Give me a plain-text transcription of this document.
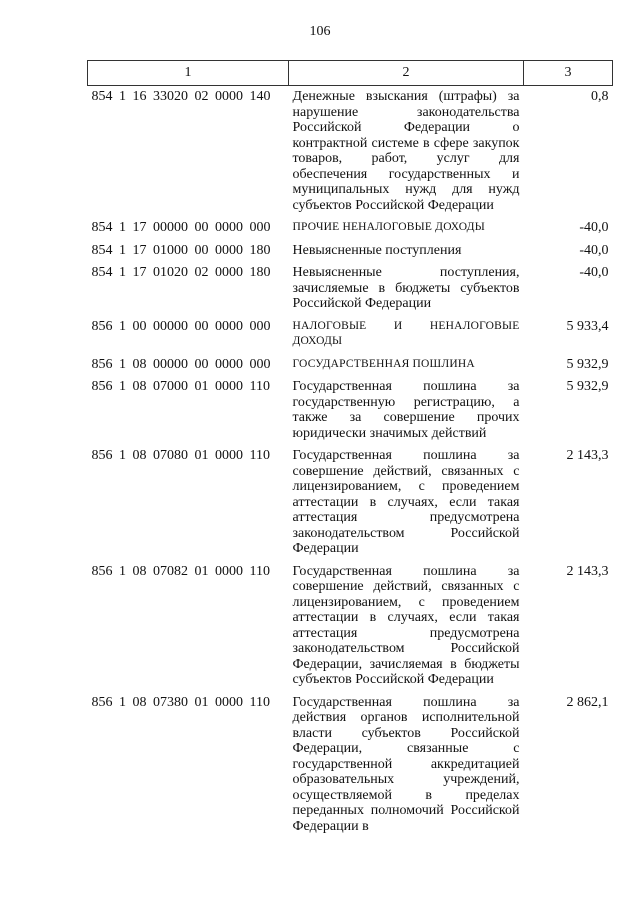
106
1	2	3
854 1 16 33020 02 0000 140	Денежные взыскания (штрафы) за нарушение законодательства Российской Федерации о контрактной системе в сфере закупок товаров, работ, услуг для обеспечения государственных и муниципальных нужд для нужд субъектов Российской Федерации	0,8
854 1 17 00000 00 0000 000	ПРОЧИЕ НЕНАЛОГОВЫЕ ДОХОДЫ	-40,0
854 1 17 01000 00 0000 180	Невыясненные поступления	-40,0
854 1 17 01020 02 0000 180	Невыясненные поступления, зачисляемые в бюджеты субъектов Российской Федерации	-40,0
856 1 00 00000 00 0000 000	НАЛОГОВЫЕ И НЕНАЛОГОВЫЕ ДОХОДЫ	5 933,4
856 1 08 00000 00 0000 000	ГОСУДАРСТВЕННАЯ ПОШЛИНА	5 932,9
856 1 08 07000 01 0000 110	Государственная пошлина за государственную регистрацию, а также за совершение прочих юридически значимых действий	5 932,9
856 1 08 07080 01 0000 110	Государственная пошлина за совершение действий, связанных с лицензированием, с проведением аттестации в случаях, если такая аттестация предусмотрена законодательством Российской Федерации	2 143,3
856 1 08 07082 01 0000 110	Государственная пошлина за совершение действий, связанных с лицензированием, с проведением аттестации в случаях, если такая аттестация предусмотрена законодательством Российской Федерации, зачисляемая в бюджеты субъектов Российской Федерации	2 143,3
856 1 08 07380 01 0000 110	Государственная пошлина за действия органов исполнительной власти субъектов Российской Федерации, связанные с государственной аккредитацией образовательных учреждений, осуществляемой в пределах переданных полномочий Российской Федерации в	2 862,1
